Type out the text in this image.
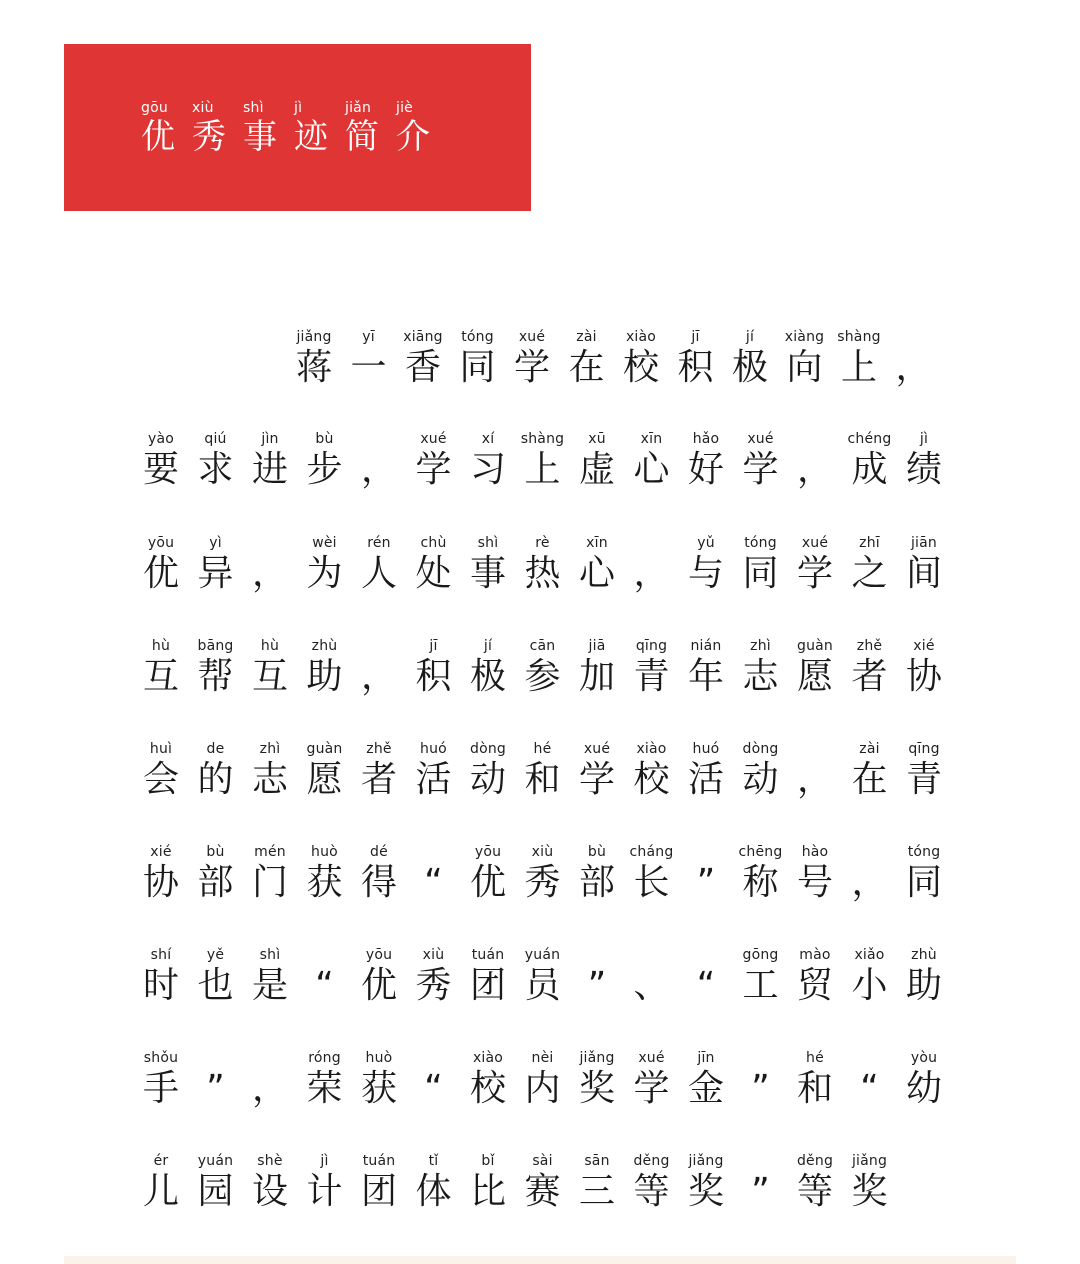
gōu
优
xiù
秀
shì
事
jì
迹
jiǎn
简
jiè
介
jiǎng
蒋
yī
一
xiāng
香
tóng
同
xué
学
zài
在
xiào
校
jī
积
jí
极
xiàng
向
shàng
上 ，
yào
要
qiú
求
jìn
进
bù
步 ，
xué
学
xí
习
shàng
上
xū
虚
xīn
心
hǎo
好
xué
学 ，
chéng
成
jì
绩
yōu
优
yì
异 ，
wèi
为
rén
人
chù
处
shì
事
rè
热
xīn
心 ，
yǔ
与
tóng
同
xué
学
zhī
之
jiān
间
hù
互
bāng
帮
hù
互
zhù
助 ，
jī
积
jí
极
cān
参
jiā
加
qīng
青
nián
年
zhì
志
guàn
愿
zhě
者
xié
协
huì
会
de
的
zhì
志
guàn
愿
zhě
者
huó
活
dòng
动
hé
和
xué
学
xiào
校
huó
活
dòng
动 ，
zài
在
qīng
青
xié
协
bù
部
mén
门
huò
获
dé
得 “
yōu
优
xiù
秀
bù
部
cháng
长 ”
chēng
称
hào
号 ，
tóng
同
shí
时
yě
也
shì
是 “
yōu
优
xiù
秀
tuán
团
yuán
员 ” 、 “
gōng
工
mào
贸
xiǎo
小
zhù
助
shǒu
手 ” ，
róng
荣
huò
获 “
xiào
校
nèi
内
jiǎng
奖
xué
学
jīn
金 ”
hé
和 “
yòu
幼
ér
儿
yuán
园
shè
设
jì
计
tuán
团
tǐ
体
bǐ
比
sài
赛
sān
三
děng
等
jiǎng
奖 ”
děng
等
jiǎng
奖
